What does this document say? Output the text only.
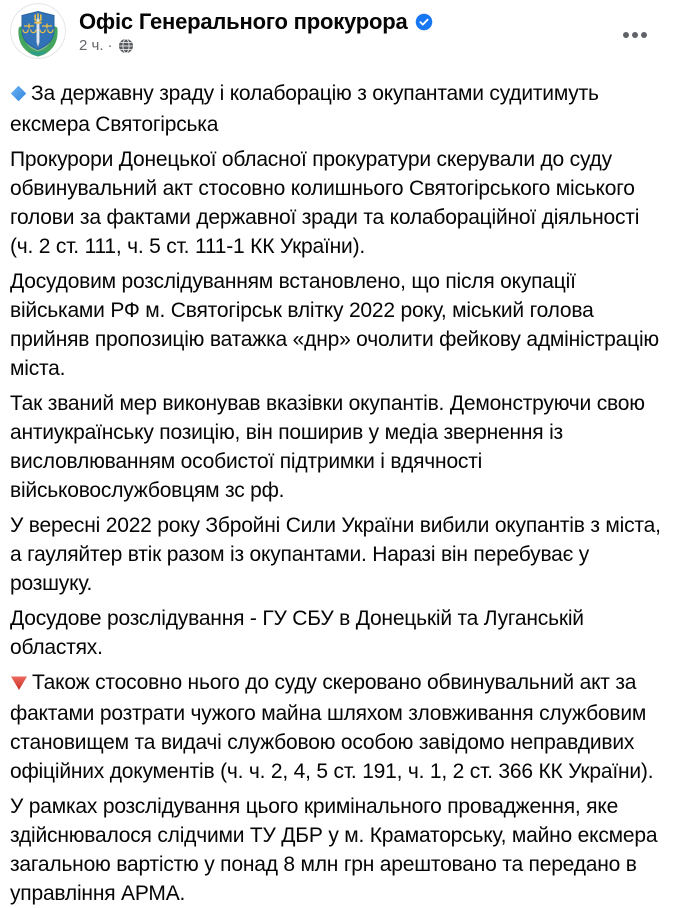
Офіс Генерального прокурора
2 ч. ·

За державну зраду і колаборацію з окупантами судитимуть ексмера Святогірська

Прокурори Донецької обласної прокуратури скерували до суду обвинувальний акт стосовно колишнього Святогірського міського голови за фактами державної зради та колабораційної діяльності (ч. 2 ст. 111, ч. 5 ст. 111-1 КК України).

Досудовим розслідуванням встановлено, що після окупації військами РФ м. Святогірськ влітку 2022 року, міський голова прийняв пропозицію ватажка «днр» очолити фейкову адміністрацію міста.

Так званий мер виконував вказівки окупантів. Демонструючи свою антиукраїнську позицію, він поширив у медіа звернення із висловлюванням особистої підтримки і вдячності військовослужбовцям зс рф.

У вересні 2022 року Збройні Сили України вибили окупантів з міста, а гауляйтер втік разом із окупантами. Наразі він перебуває у розшуку.

Досудове розслідування - ГУ СБУ в Донецькій та Луганській областях.

Також стосовно нього до суду скеровано обвинувальний акт за фактами розтрати чужого майна шляхом зловживання службовим становищем та видачі службовою особою завідомо неправдивих офіційних документів (ч. ч. 2, 4, 5 ст. 191, ч. 1, 2 ст. 366 КК України).

У рамках розслідування цього кримінального провадження, яке здійснювалося слідчими ТУ ДБР у м. Краматорську, майно ексмера загальною вартістю у понад 8 млн грн арештовано та передано в управління АРМА.
